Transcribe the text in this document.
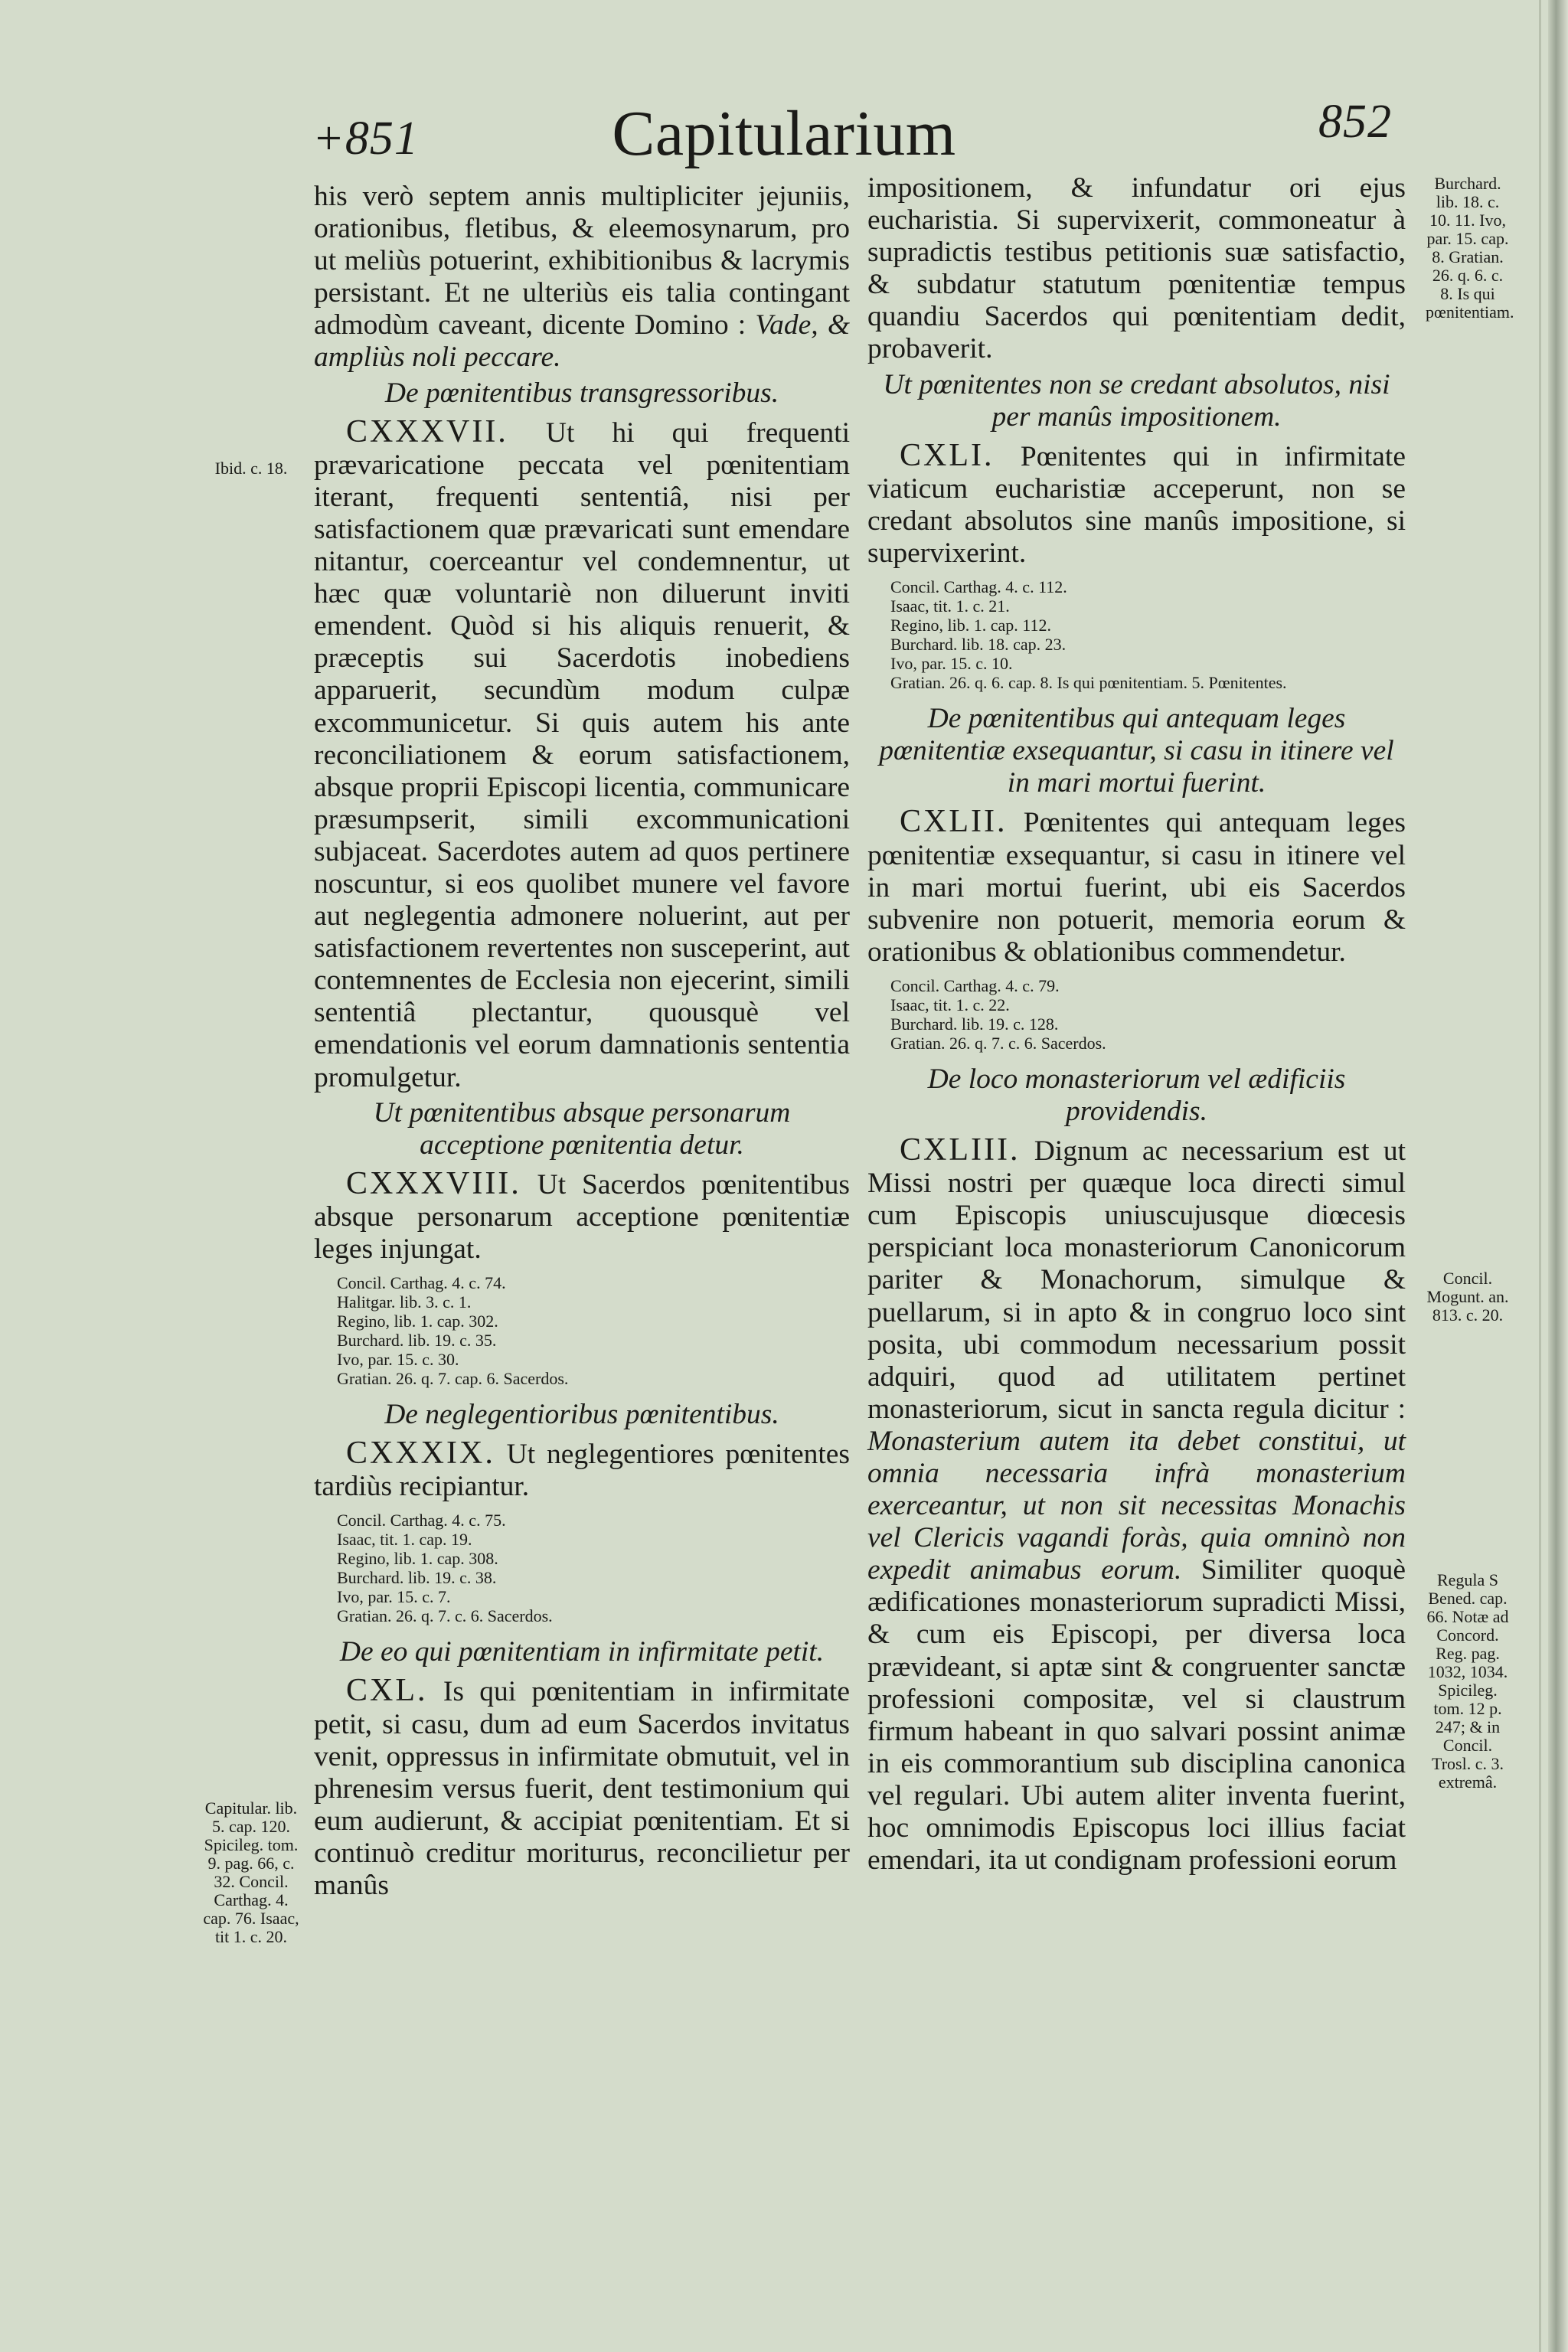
+851	Capitularium	852

his verò septem annis multipliciter jejuniis, orationibus, fletibus, & eleemosynarum, pro ut meliùs potuerint, exhibitionibus & lacrymis persistant. Et ne ulteriùs eis talia contingant admodùm caveant, dicente Domino : Vade, & ampliùs noli peccare.

De pœnitentibus transgressoribus.

CXXXVII. Ut hi qui frequenti prævaricatione peccata vel pœnitentiam iterant, frequenti sententiâ, nisi per satisfactionem quæ prævaricati sunt emendare nitantur, coerceantur vel condemnentur, ut hæc quæ voluntariè non diluerunt inviti emendent. Quòd si his aliquis renuerit, & præceptis sui Sacerdotis inobediens apparuerit, secundùm modum culpæ excommunicetur. Si quis autem his ante reconciliationem & eorum satisfactionem, absque proprii Episcopi licentia, communicare præsumpserit, simili excommunicationi subjaceat. Sacerdotes autem ad quos pertinere noscuntur, si eos quolibet munere vel favore aut neglegentia admonere noluerint, aut per satisfactionem revertentes non susceperint, aut contemnentes de Ecclesia non ejecerint, simili sententiâ plectantur, quousquè vel emendationis vel eorum damnationis sententia promulgetur.

Ut pœnitentibus absque personarum acceptione pœnitentia detur.

CXXXVIII. Ut Sacerdos pœnitentibus absque personarum acceptione pœnitentiæ leges injungat.

Concil. Carthag. 4. c. 74.
Halitgar. lib. 3. c. 1.
Regino, lib. 1. cap. 302.
Burchard. lib. 19. c. 35.
Ivo, par. 15. c. 30.
Gratian. 26. q. 7. cap. 6. Sacerdos.
De neglegentioribus pœnitentibus.

CXXXIX. Ut neglegentiores pœnitentes tardiùs recipiantur.

Concil. Carthag. 4. c. 75.
Isaac, tit. 1. cap. 19.
Regino, lib. 1. cap. 308.
Burchard. lib. 19. c. 38.
Ivo, par. 15. c. 7.
Gratian. 26. q. 7. c. 6. Sacerdos.
De eo qui pœnitentiam in infirmitate petit.

CXL. Is qui pœnitentiam in infirmitate petit, si casu, dum ad eum Sacerdos invitatus venit, oppressus in infirmitate obmutuit, vel in phrenesim versus fuerit, dent testimonium qui eum audierunt, & accipiat pœnitentiam. Et si continuò creditur moriturus, reconcilietur per manûs

impositionem, & infundatur ori ejus eucharistia. Si supervixerit, commoneatur à supradictis testibus petitionis suæ satisfactio, & subdatur statutum pœnitentiæ tempus quandiu Sacerdos qui pœnitentiam dedit, probaverit.

Ut pœnitentes non se credant absolutos, nisi per manûs impositionem.

CXLI. Pœnitentes qui in infirmitate viaticum eucharistiæ acceperunt, non se credant absolutos sine manûs impositione, si supervixerint.

Concil. Carthag. 4. c. 112.
Isaac, tit. 1. c. 21.
Regino, lib. 1. cap. 112.
Burchard. lib. 18. cap. 23.
Ivo, par. 15. c. 10.
Gratian. 26. q. 6. cap. 8. Is qui pœnitentiam. 5. Pœnitentes.
De pœnitentibus qui antequam leges pœnitentiæ exsequantur, si casu in itinere vel in mari mortui fuerint.

CXLII. Pœnitentes qui antequam leges pœnitentiæ exsequantur, si casu in itinere vel in mari mortui fuerint, ubi eis Sacerdos subvenire non potuerit, memoria eorum & orationibus & oblationibus commendetur.

Concil. Carthag. 4. c. 79.
Isaac, tit. 1. c. 22.
Burchard. lib. 19. c. 128.
Gratian. 26. q. 7. c. 6. Sacerdos.
De loco monasteriorum vel ædificiis providendis.

CXLIII. Dignum ac necessarium est ut Missi nostri per quæque loca directi simul cum Episcopis uniuscujusque diœcesis perspiciant loca monasteriorum Canonicorum pariter & Monachorum, simulque & puellarum, si in apto & in congruo loco sint posita, ubi commodum necessarium possit adquiri, quod ad utilitatem pertinet monasteriorum, sicut in sancta regula dicitur : Monasterium autem ita debet constitui, ut omnia necessaria infrà monasterium exerceantur, ut non sit necessitas Monachis vel Clericis vagandi foràs, quia omninò non expedit animabus eorum. Similiter quoquè ædificationes monasteriorum supradicti Missi, & cum eis Episcopi, per diversa loca prævideant, si aptæ sint & congruenter sanctæ professioni compositæ, vel si claustrum firmum habeant in quo salvari possint animæ in eis commorantium sub disciplina canonica vel regulari. Ubi autem aliter inventa fuerint, hoc omnimodis Episcopus loci illius faciat emendari, ita ut condignam professioni eorum

Ibid. c. 18.
Capitular. lib. 5. cap. 120. Spicileg. tom. 9. pag. 66, c. 32. Concil. Carthag. 4. cap. 76. Isaac, tit 1. c. 20.
Burchard. lib. 18. c. 10. 11. Ivo, par. 15. cap. 8. Gratian. 26. q. 6. c. 8. Is qui pœnitentiam.
Concil. Mogunt. an. 813. c. 20.
Regula S Bened. cap. 66. Notæ ad Concord. Reg. pag. 1032, 1034. Spicileg. tom. 12 p. 247; & in Concil. Trosl. c. 3. extremâ.
